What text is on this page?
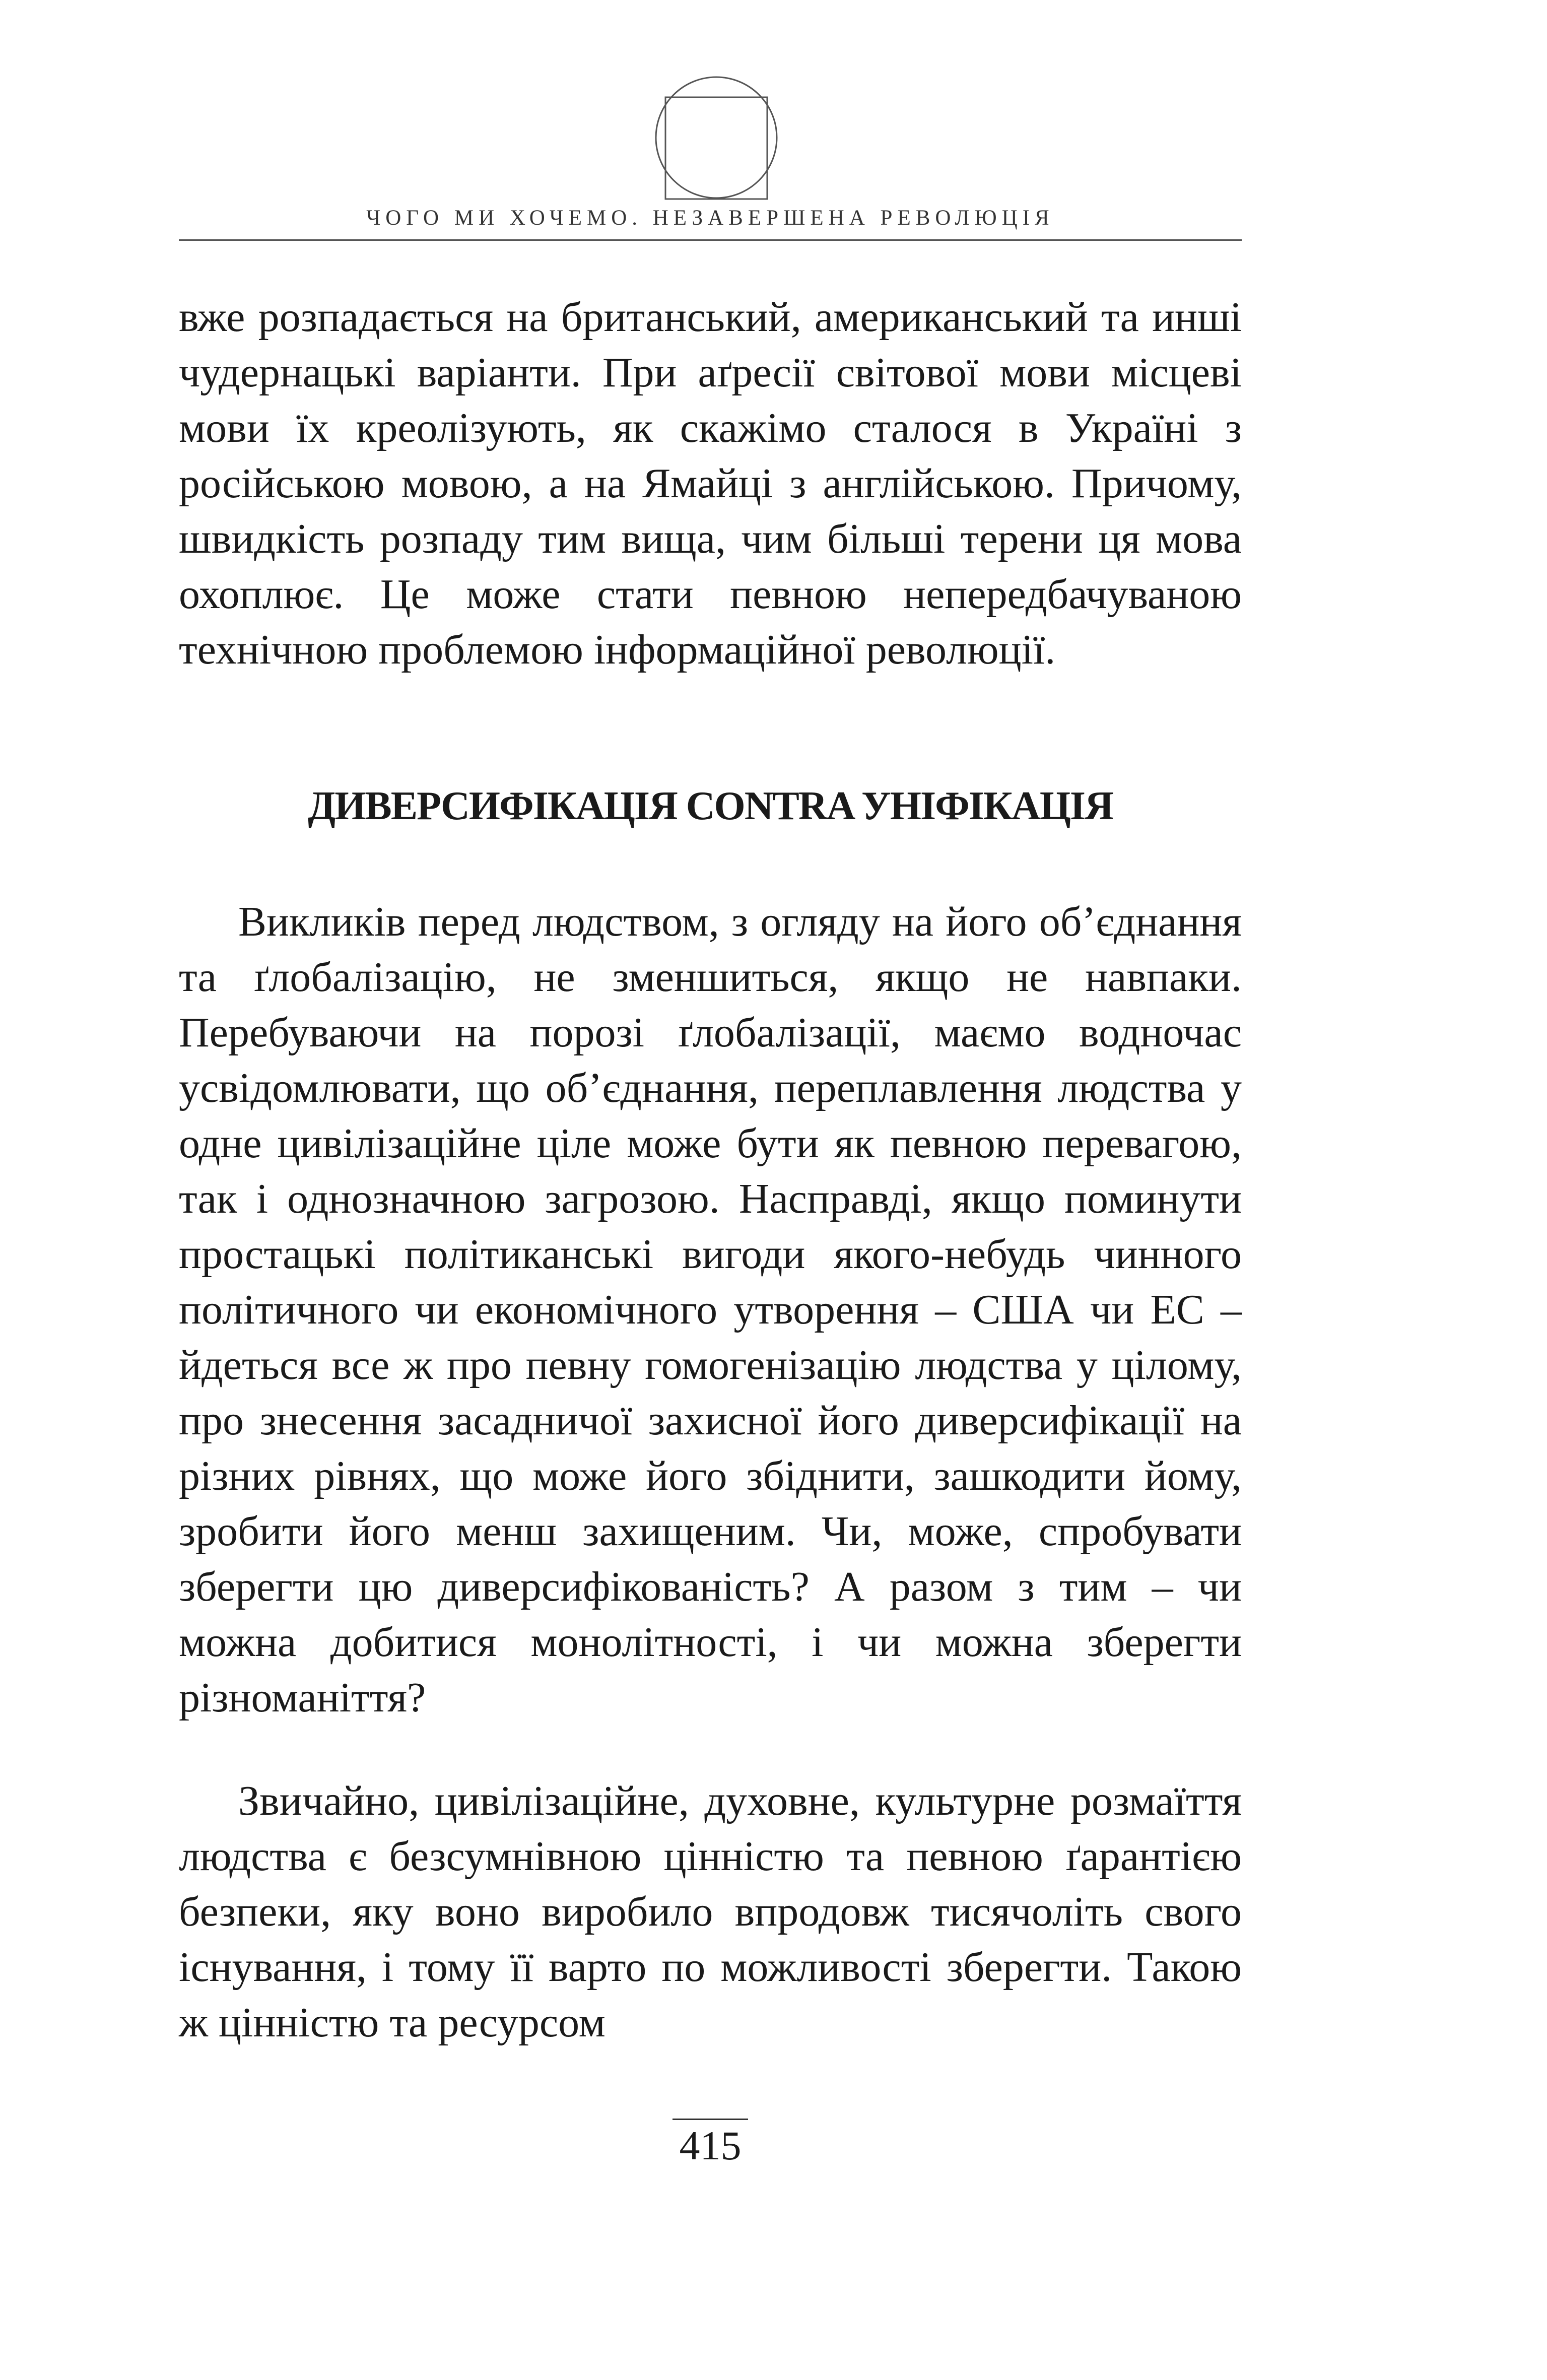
ЧОГО МИ ХОЧЕМО. НЕЗАВЕРШЕНА РЕВОЛЮЦІЯ

вже розпадається на британський, американський та инші чудернацькі варіанти. При аґресії світової мови місцеві мови їх креолізують, як скажімо сталося в Україні з російською мовою, а на Ямайці з англійською. Причому, швидкість розпаду тим вища, чим більші терени ця мова охоплює. Це може стати певною непередбачуваною технічною проблемою інформаційної революції.

ДИВЕРСИФІКАЦІЯ CONTRA УНІФІКАЦІЯ

Викликів перед людством, з огляду на його об’єднання та ґлобалізацію, не зменшиться, якщо не навпаки. Перебуваючи на порозі ґлобалізації, маємо водночас усвідомлювати, що об’єднання, переплавлення людства у одне цивілізаційне ціле може бути як певною перевагою, так і однозначною загрозою. Насправді, якщо поминути простацькі політиканські вигоди якого-небудь чинного політичного чи економічного утворення – США чи ЕС –йдеться все ж про певну гомогенізацію людства у цілому, про знесення засадничої захисної його диверсифікації на різних рівнях, що може його збіднити, зашкодити йому, зробити його менш захищеним. Чи, може, спробувати зберегти цю диверсифікованість? А разом з тим – чи можна добитися монолітності, і чи можна зберегти різноманіття?

Звичайно, цивілізаційне, духовне, культурне розмаїття людства є безсумнівною цінністю та певною ґарантією безпеки, яку воно виробило впродовж тисячоліть свого існування, і тому її варто по можливості зберегти. Такою ж цінністю та ресурсом

415
